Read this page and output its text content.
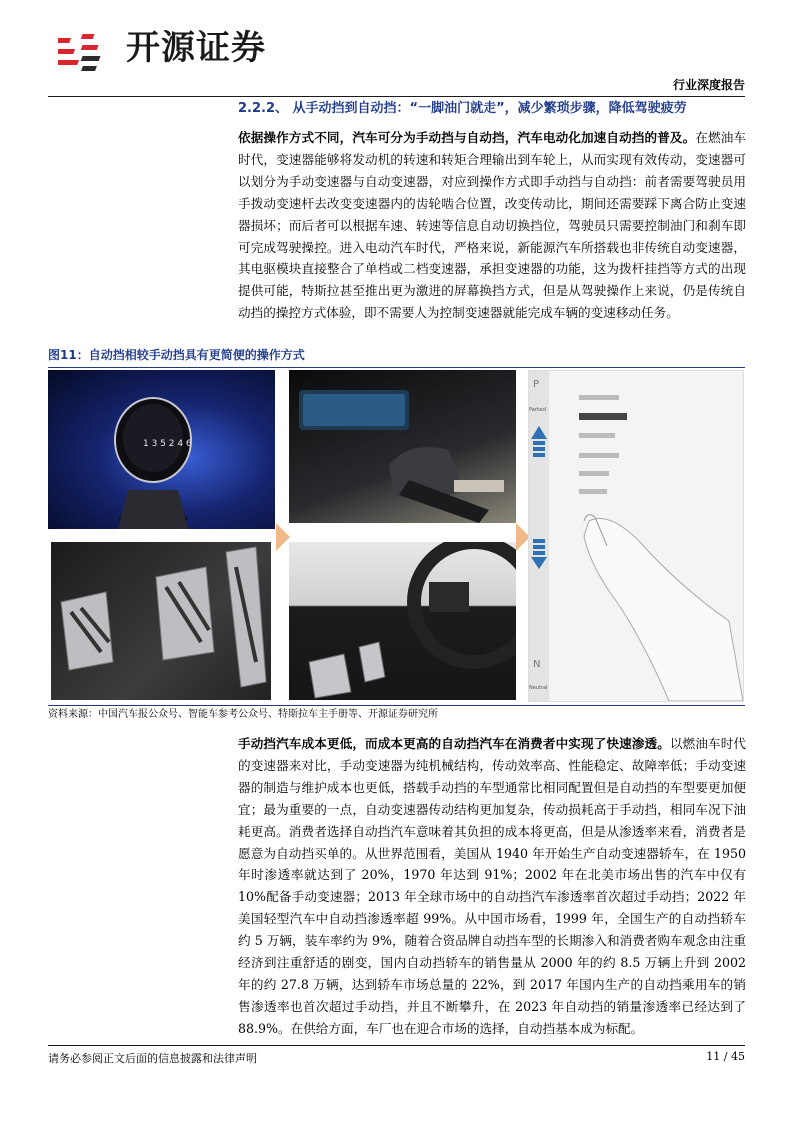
开源证券
行业深度报告
2.2.2、 从手动挡到自动挡：“一脚油门就走”，减少繁琐步骤，降低驾驶疲劳
依据操作方式不同，汽车可分为手动挡与自动挡，汽车电动化加速自动挡的普及。在燃油车时代，变速器能够将发动机的转速和转矩合理输出到车轮上，从而实现有效传动，变速器可以划分为手动变速器与自动变速器，对应到操作方式即手动挡与自动挡：前者需要驾驶员用手拨动变速杆去改变变速器内的齿轮啮合位置，改变传动比，期间还需要踩下离合防止变速器损坏；而后者可以根据车速、转速等信息自动切换挡位，驾驶员只需要控制油门和刹车即可完成驾驶操控。进入电动汽车时代，严格来说，新能源汽车所搭载也非传统自动变速器，其电驱模块直接整合了单档或二档变速器，承担变速器的功能，这为拨杆挂挡等方式的出现提供可能，特斯拉甚至推出更为激进的屏幕换挡方式，但是从驾驶操作上来说，仍是传统自动挡的操控方式体验，即不需要人为控制变速器就能完成车辆的变速移动任务。
图11：自动挡相较手动挡具有更简便的操作方式
1 3 5 2 4 6
P
Parked
N
Neutral
资料来源：中国汽车报公众号、智能车参考公众号、特斯拉车主手册等、开源证券研究所
手动挡汽车成本更低，而成本更高的自动挡汽车在消费者中实现了快速渗透。以燃油车时代的变速器来对比，手动变速器为纯机械结构，传动效率高、性能稳定、故障率低；手动变速器的制造与维护成本也更低，搭载手动挡的车型通常比相同配置但是自动挡的车型要更加便宜；最为重要的一点，自动变速器传动结构更加复杂，传动损耗高于手动挡，相同车况下油耗更高。消费者选择自动挡汽车意味着其负担的成本将更高，但是从渗透率来看，消费者是愿意为自动挡买单的。从世界范围看，美国从 1940 年开始生产自动变速器轿车，在 1950 年时渗透率就达到了 20%，1970 年达到 91%；2002 年在北美市场出售的汽车中仅有 10%配备手动变速器；2013 年全球市场中的自动挡汽车渗透率首次超过手动挡；2022 年美国轻型汽车中自动挡渗透率超 99%。从中国市场看，1999 年，全国生产的自动挡轿车约 5 万辆，装车率约为 9%，随着合资品牌自动挡车型的长期渗入和消费者购车观念由注重经济到注重舒适的剧变，国内自动挡轿车的销售量从 2000 年的约 8.5 万辆上升到 2002 年的约 27.8 万辆，达到轿车市场总量的 22%，到 2017 年国内生产的自动挡乘用车的销售渗透率也首次超过手动挡，并且不断攀升，在 2023 年自动挡的销量渗透率已经达到了 88.9%。在供给方面，车厂也在迎合市场的选择，自动挡基本成为标配。
请务必参阅正文后面的信息披露和法律声明	11 / 45
